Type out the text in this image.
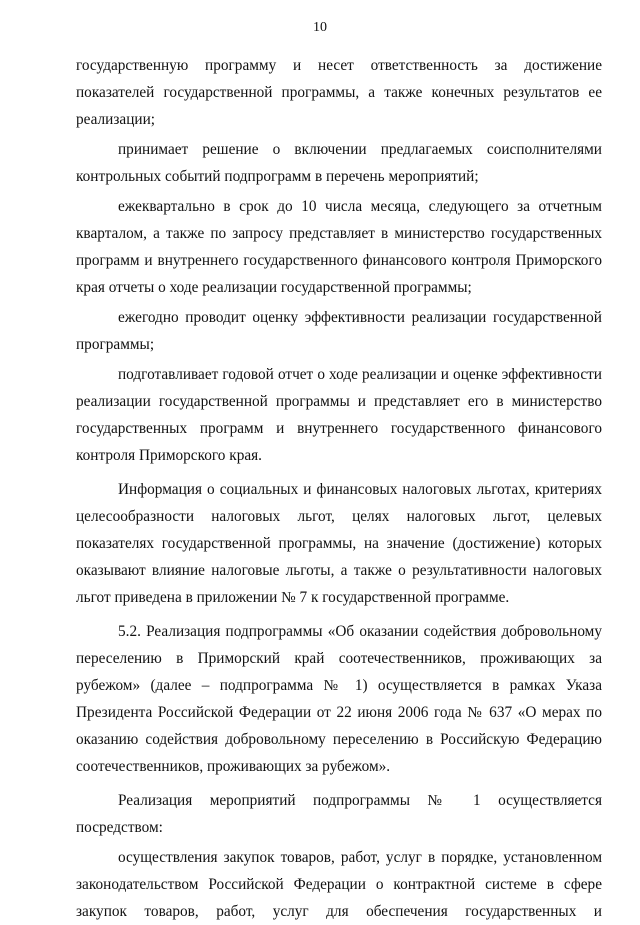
10

государственную программу и несет ответственность за достижение показателей государственной программы, а также конечных результатов ее реализации;

принимает решение о включении предлагаемых соисполнителями контрольных событий подпрограмм в перечень мероприятий;

ежеквартально в срок до 10 числа месяца, следующего за отчетным кварталом, а также по запросу представляет в министерство государственных программ и внутреннего государственного финансового контроля Приморского края отчеты о ходе реализации государственной программы;

ежегодно проводит оценку эффективности реализации государственной программы;

подготавливает годовой отчет о ходе реализации и оценке эффективности реализации государственной программы и представляет его в министерство государственных программ и внутреннего государственного финансового контроля Приморского края.

Информация о социальных и финансовых налоговых льготах, критериях целесообразности налоговых льгот, целях налоговых льгот, целевых показателях государственной программы, на значение (достижение) которых оказывают влияние налоговые льготы, а также о результативности налоговых льгот приведена в приложении № 7 к государственной программе.

5.2. Реализация подпрограммы «Об оказании содействия добровольному переселению в Приморский край соотечественников, проживающих за рубежом» (далее – подпрограмма № 1) осуществляется в рамках Указа Президента Российской Федерации от 22 июня 2006 года № 637 «О мерах по оказанию содействия добровольному переселению в Российскую Федерацию соотечественников, проживающих за рубежом».

Реализация мероприятий подпрограммы № 1 осуществляется посредством:

осуществления закупок товаров, работ, услуг в порядке, установленном законодательством Российской Федерации о контрактной системе в сфере закупок товаров, работ, услуг для обеспечения государственных и
